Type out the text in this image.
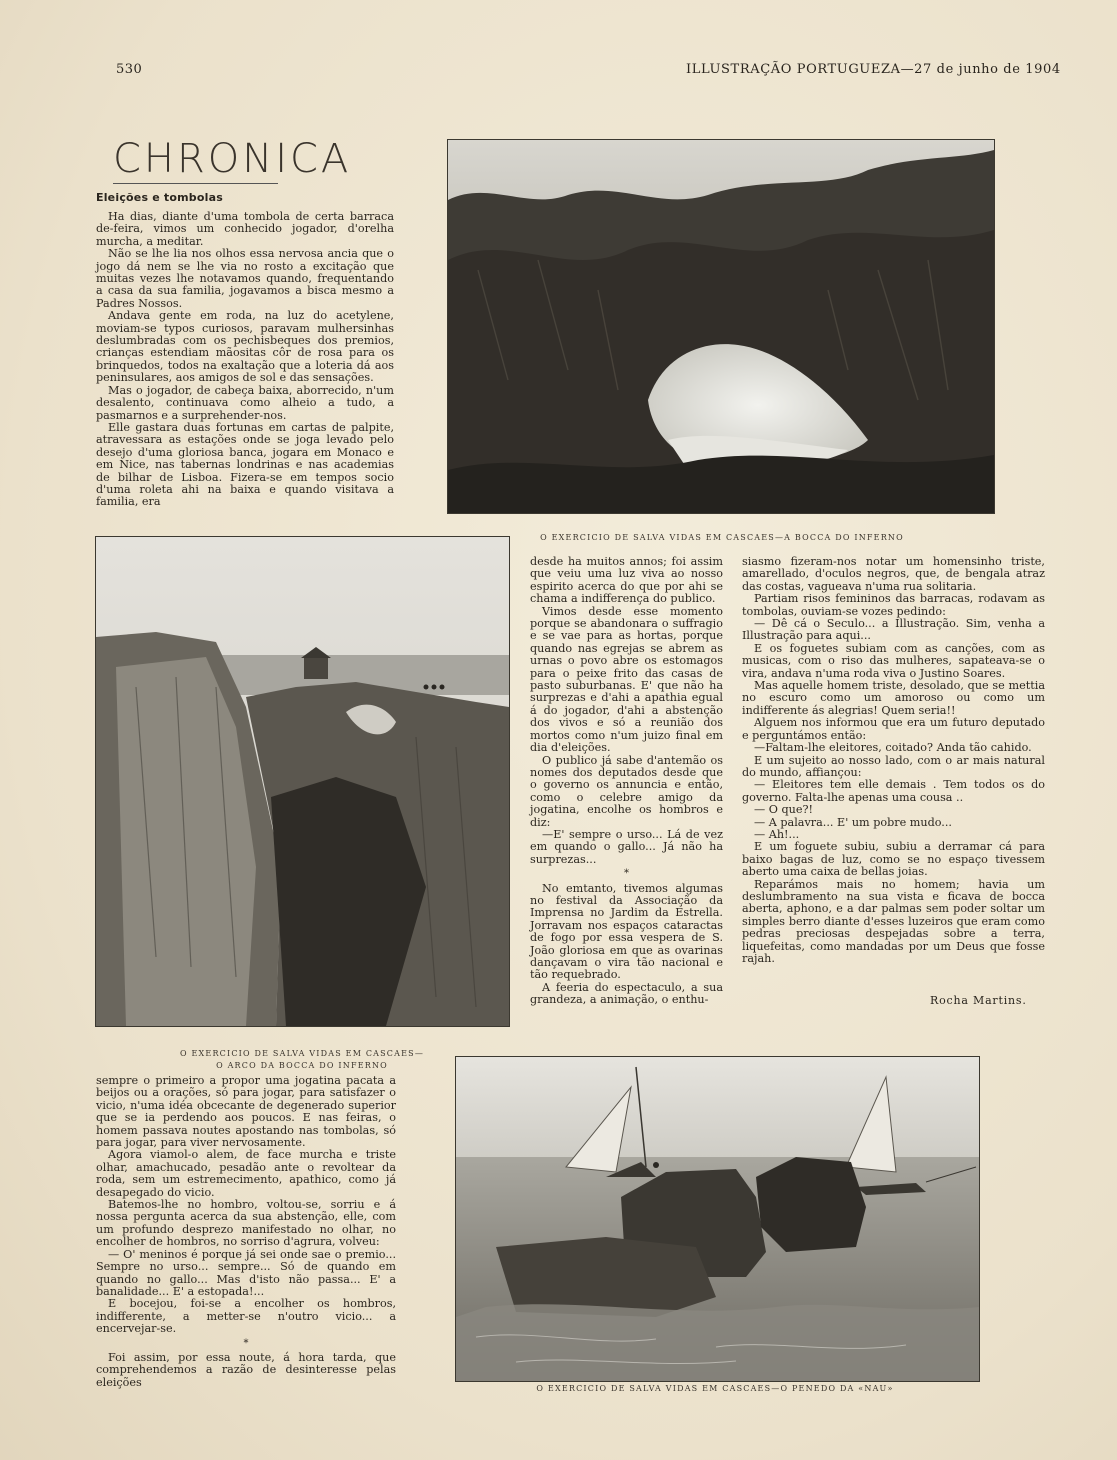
530	ILLUSTRAÇÃO PORTUGUEZA—27 de junho de 1904
CHRONICA
Eleições e tombolas

Ha dias, diante d'uma tombola de certa barraca de-feira, vimos um conhecido jogador, d'orelha murcha, a meditar.

Não se lhe lia nos olhos essa nervosa ancia que o jogo dá nem se lhe via no rosto a excitação que muitas vezes lhe notavamos quando, frequentando a casa da sua familia, jogavamos a bisca mesmo a Padres Nossos.

Andava gente em roda, na luz do acetylene, moviam-se typos curiosos, paravam mulhersinhas deslumbradas com os pechisbeques dos premios, crianças estendiam mãositas côr de rosa para os brinquedos, todos na exaltação que a loteria dá aos peninsulares, aos amigos de sol e das sensações.

Mas o jogador, de cabeça baixa, aborrecido, n'um desalento, continuava como alheio a tudo, a pasmarnos e a surprehender-nos.

Elle gastara duas fortunas em cartas de palpite, atravessara as estações onde se joga levado pelo desejo d'uma gloriosa banca, jogara em Monaco e em Nice, nas tabernas londrinas e nas academias de bilhar de Lisboa. Fizera-se em tempos socio d'uma roleta ahi na baixa e quando visitava a familia, era

O EXERCICIO DE SALVA VIDAS EM CASCAES—A BOCCA DO INFERNO
O EXERCICIO DE SALVA VIDAS EM CASCAES—
O ARCO DA BOCCA DO INFERNO

desde ha muitos annos; foi assim que veiu uma luz viva ao nosso espirito acerca do que por ahi se chama a indifferença do publico.

Vimos desde esse momento porque se abandonara o suffragio e se vae para as hortas, porque quando nas egrejas se abrem as urnas o povo abre os estomagos para o peixe frito das casas de pasto suburbanas. E' que não ha surprezas e d'ahi a apathia egual á do jogador, d'ahi a abstenção dos vivos e só a reunião dos mortos como n'um juizo final em dia d'eleições.

O publico já sabe d'antemão os nomes dos deputados desde que o governo os annuncia e então, como o celebre amigo da jogatina, encolhe os hombros e diz:

—E' sempre o urso... Lá de vez em quando o gallo... Já não ha surprezas...

*

No emtanto, tivemos algumas no festival da Associação da Imprensa no Jardim da Estrella. Jorravam nos espaços cataractas de fogo por essa vespera de S. João gloriosa em que as ovarinas dançavam o vira tão nacional e tão requebrado.

A feeria do espectaculo, a sua grandeza, a animação, o enthu-

siasmo fizeram-nos notar um homensinho triste, amarellado, d'oculos negros, que, de bengala atraz das costas, vagueava n'uma rua solitaria.

Partiam risos femininos das barracas, rodavam as tombolas, ouviam-se vozes pedindo:

— Dê cá o Seculo... a Illustração. Sim, venha a Illustração para aqui...

E os foguetes subiam com as canções, com as musicas, com o riso das mulheres, sapateava-se o vira, andava n'uma roda viva o Justino Soares.

Mas aquelle homem triste, desolado, que se mettia no escuro como um amoroso ou como um indifferente ás alegrias! Quem seria!!

Alguem nos informou que era um futuro deputado e perguntámos então:

—Faltam-lhe eleitores, coitado? Anda tão cahido.

E um sujeito ao nosso lado, com o ar mais natural do mundo, affiançou:

— Eleitores tem elle demais . Tem todos os do governo. Falta-lhe apenas uma cousa ..

— O que?!

— A palavra... E' um pobre mudo...

— Ah!...

E um foguete subiu, subiu a derramar cá para baixo bagas de luz, como se no espaço tivessem aberto uma caixa de bellas joias.

Reparámos mais no homem; havia um deslumbramento na sua vista e ficava de bocca aberta, aphono, e a dar palmas sem poder soltar um simples berro diante d'esses luzeiros que eram como pedras preciosas despejadas sobre a terra, liquefeitas, como mandadas por um Deus que fosse rajah.

Rocha Martins.

sempre o primeiro a propor uma jogatina pacata a beijos ou a orações, só para jogar, para satisfazer o vicio, n'uma idéa obcecante de degenerado superior que se ia perdendo aos poucos. E nas feiras, o homem passava noutes apostando nas tombolas, só para jogar, para viver nervosamente.

Agora viamol-o alem, de face murcha e triste olhar, amachucado, pesadão ante o revoltear da roda, sem um estremecimento, apathico, como já desapegado do vicio.

Batemos-lhe no hombro, voltou-se, sorriu e á nossa pergunta acerca da sua abstenção, elle, com um profundo desprezo manifestado no olhar, no encolher de hombros, no sorriso d'agrura, volveu:

— O' meninos é porque já sei onde sae o premio... Sempre no urso... sempre... Só de quando em quando no gallo... Mas d'isto não passa... E' a banalidade... E' a estopada!...

E bocejou, foi-se a encolher os hombros, indifferente, a metter-se n'outro vicio... a encervejar-se.

*

Foi assim, por essa noute, á hora tarda, que comprehendemos a razão de desinteresse pelas eleições	O EXERCICIO DE SALVA VIDAS EM CASCAES—O PENEDO DA «NAU»
